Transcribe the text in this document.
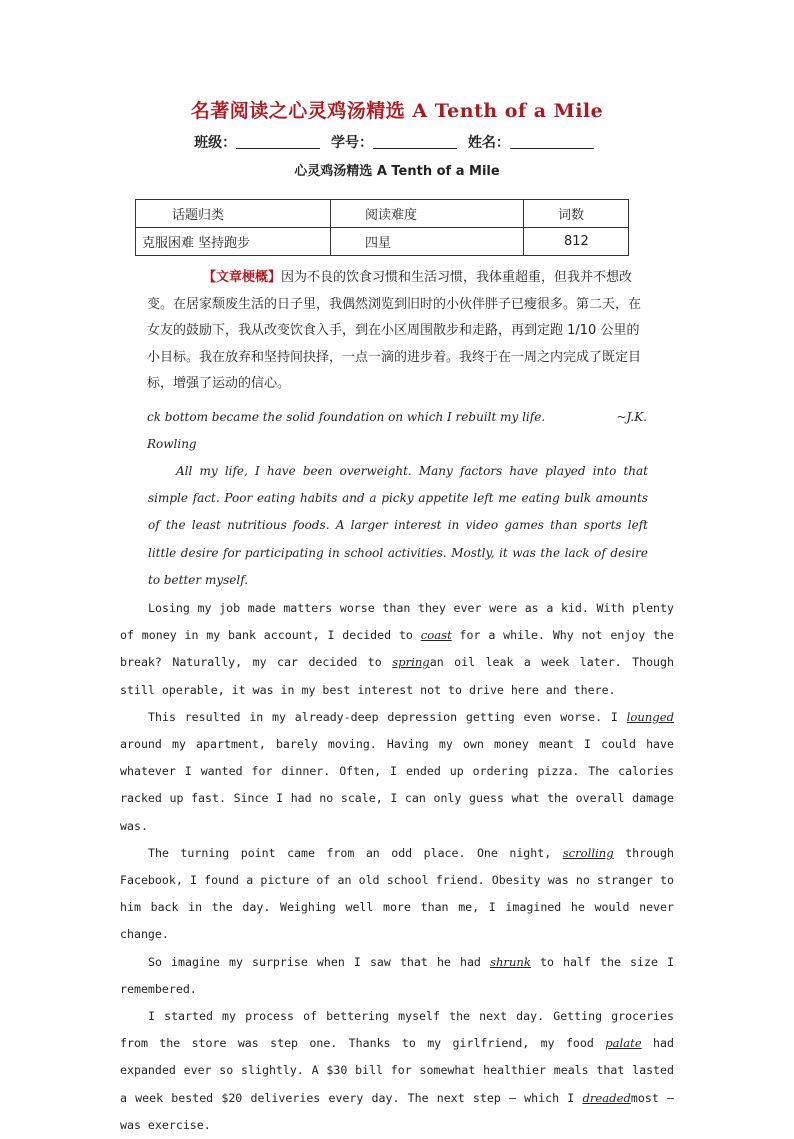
名著阅读之心灵鸡汤精选 A Tenth of a Mile
班级：	学号：	姓名：
心灵鸡汤精选 A Tenth of a Mile
话题归类	阅读难度	词数
克服困难 坚持跑步	四星	812
【文章梗概】因为不良的饮食习惯和生活习惯，我体重超重，但我并不想改变。在居家颓废生活的日子里，我偶然浏览到旧时的小伙伴胖子已瘦很多。第二天，在女友的鼓励下，我从改变饮食入手，到在小区周围散步和走路，再到定跑 1/10 公里的小目标。我在放弃和坚持间抉择，一点一滴的进步着。我终于在一周之内完成了既定目标，增强了运动的信心。
ck bottom became the solid foundation on which I rebuilt my life.	~J.K.

Rowling

All my life, I have been overweight. Many factors have played into that simple fact. Poor eating habits and a picky appetite left me eating bulk amounts of the least nutritious foods. A larger interest in video games than sports left little desire for participating in school activities. Mostly, it was the lack of desire to better myself.

Losing my job made matters worse than they ever were as a kid. With plenty of money in my bank account, I decided to coast for a while. Why not enjoy the break? Naturally, my car decided to springan oil leak a week later. Though still operable, it was in my best interest not to drive here and there.

This resulted in my already-deep depression getting even worse. I lounged around my apartment, barely moving. Having my own money meant I could have whatever I wanted for dinner. Often, I ended up ordering pizza. The calories racked up fast. Since I had no scale, I can only guess what the overall damage was.

The turning point came from an odd place. One night, scrolling through Facebook, I found a picture of an old school friend. Obesity was no stranger to him back in the day. Weighing well more than me, I imagined he would never change.

So imagine my surprise when I saw that he had shrunk to half the size I remembered.

I started my process of bettering myself the next day. Getting groceries from the store was step one. Thanks to my girlfriend, my food palate had expanded ever so slightly. A $30 bill for somewhat healthier meals that lasted a week bested $20 deliveries every day. The next step — which I dreadedmost — was exercise.
